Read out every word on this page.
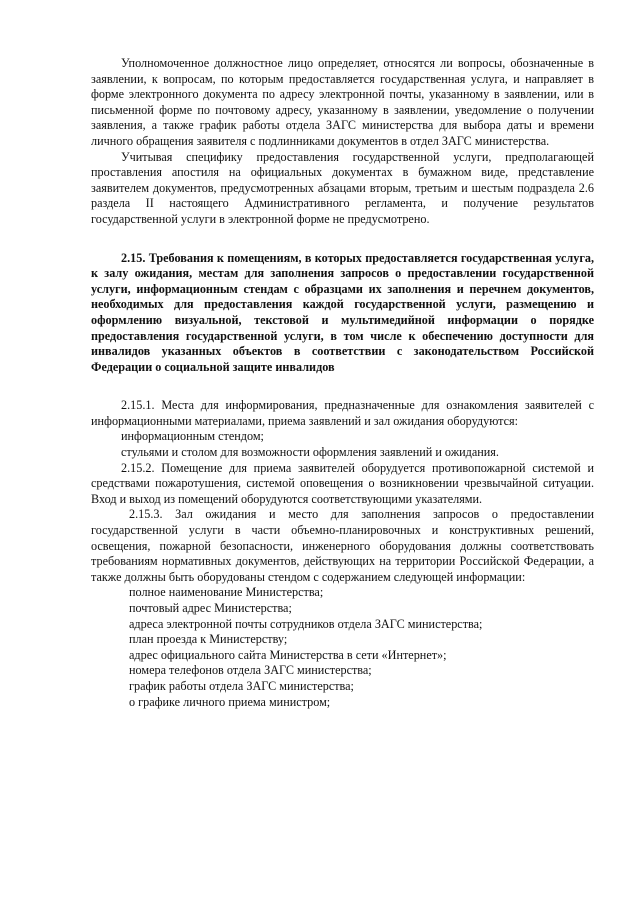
Уполномоченное должностное лицо определяет, относятся ли вопросы, обозначенные в заявлении, к вопросам, по которым предоставляется государственная услуга, и направляет в форме электронного документа по адресу электронной почты, указанному в заявлении, или в письменной форме по почтовому адресу, указанному в заявлении, уведомление о получении заявления, а также график работы отдела ЗАГС министерства для выбора даты и времени личного обращения заявителя с подлинниками документов в отдел ЗАГС министерства.

Учитывая специфику предоставления государственной услуги, предполагающей проставления апостиля на официальных документах в бумажном виде, представление заявителем документов, предусмотренных абзацами вторым, третьим и шестым подраздела 2.6 раздела II настоящего Административного регламента, и получение результатов государственной услуги в электронной форме не предусмотрено.

2.15. Требования к помещениям, в которых предоставляется государственная услуга, к залу ожидания, местам для заполнения запросов о предоставлении государственной услуги, информационным стендам с образцами их заполнения и перечнем документов, необходимых для предоставления каждой государственной услуги, размещению и оформлению визуальной, текстовой и мультимедийной информации о порядке предоставления государственной услуги, в том числе к обеспечению доступности для инвалидов указанных объектов в соответствии с законодательством Российской Федерации о социальной защите инвалидов

2.15.1. Места для информирования, предназначенные для ознакомления заявителей с информационными материалами, приема заявлений и зал ожидания оборудуются:

информационным стендом;

стульями и столом для возможности оформления заявлений и ожидания.

2.15.2. Помещение для приема заявителей оборудуется противопожарной системой и средствами пожаротушения, системой оповещения о возникновении чрезвычайной ситуации. Вход и выход из помещений оборудуются соответствующими указателями.

2.15.3. Зал ожидания и место для заполнения запросов о предоставлении государственной услуги в части объемно-планировочных и конструктивных решений, освещения, пожарной безопасности, инженерного оборудования должны соответствовать требованиям нормативных документов, действующих на территории Российской Федерации, а также должны быть оборудованы стендом с содержанием следующей информации:

полное наименование Министерства;

почтовый адрес Министерства;

адреса электронной почты сотрудников отдела ЗАГС министерства;

план проезда к Министерству;

адрес официального сайта Министерства в сети «Интернет»;

номера телефонов отдела ЗАГС министерства;

график работы отдела ЗАГС министерства;

о графике личного приема министром;
